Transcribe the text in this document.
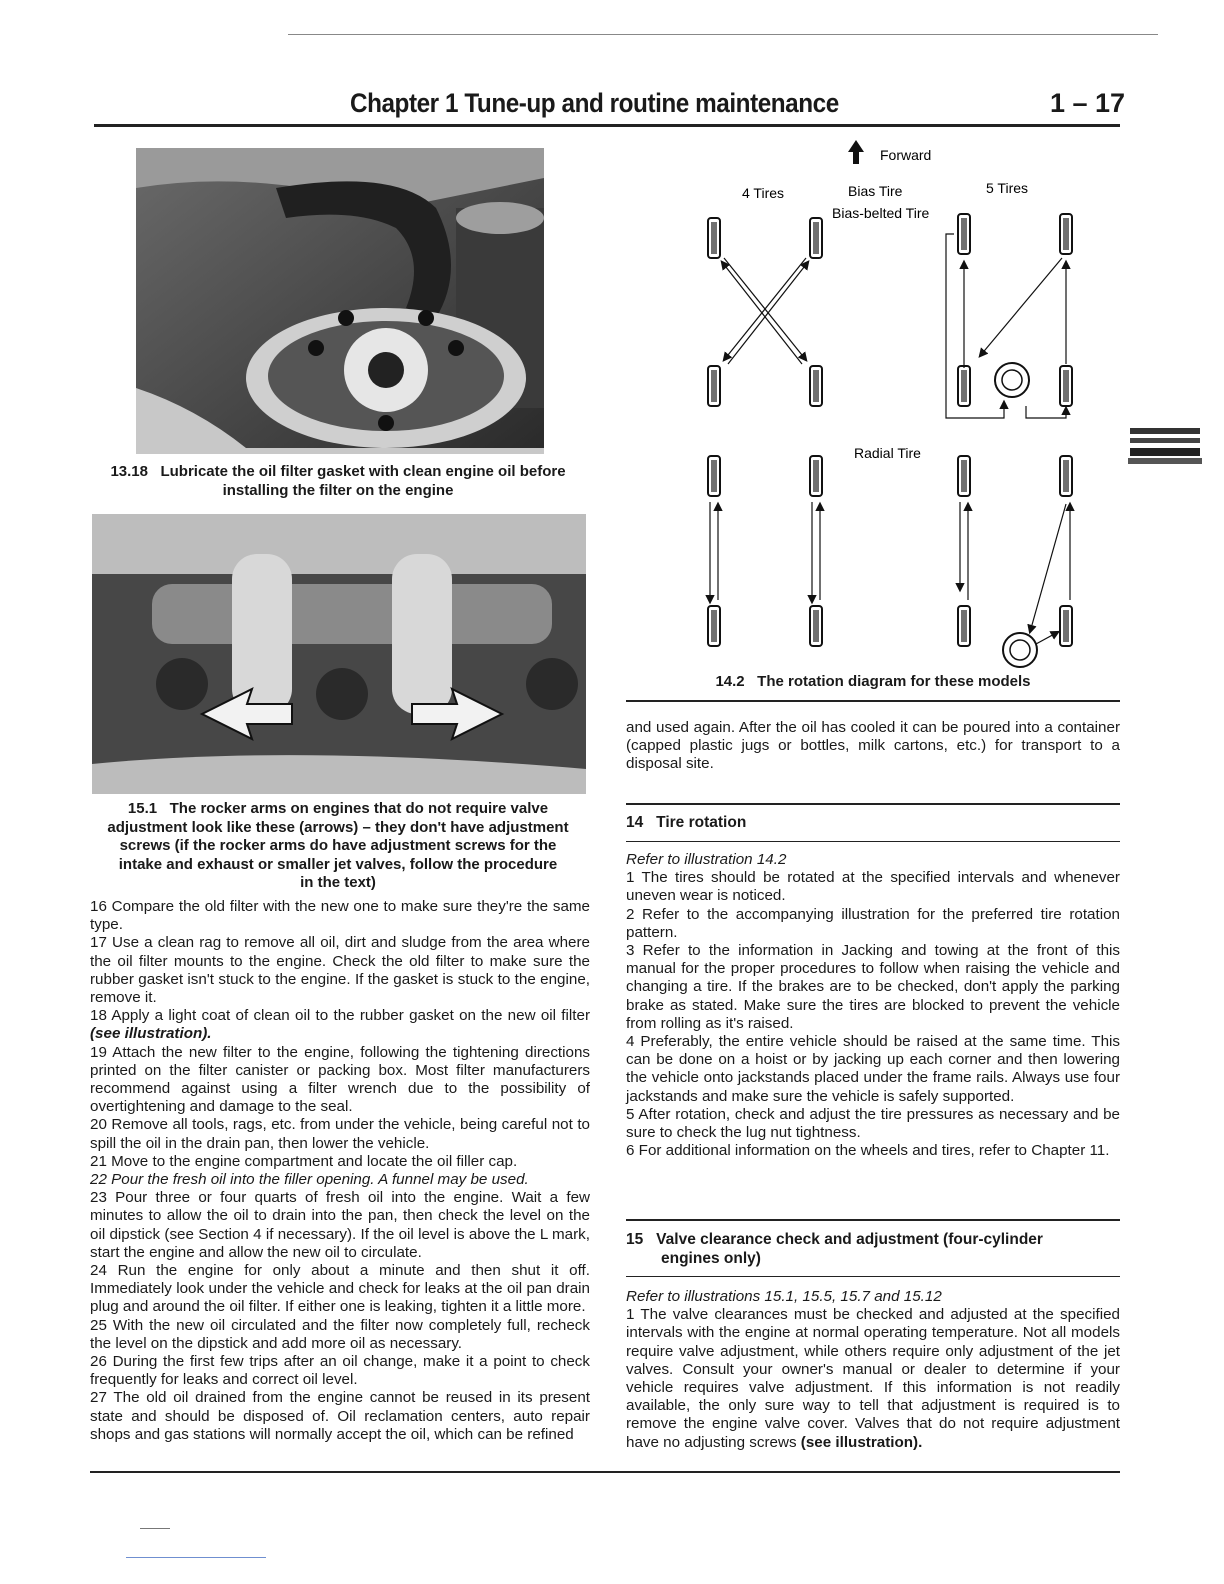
Chapter 1 Tune-up and routine maintenance	1 – 17
13.18   Lubricate the oil filter gasket with clean engine oil before
installing the filter on the engine
15.1   The rocker arms on engines that do not require valve
adjustment look like these (arrows) – they don't have adjustment
screws (if the rocker arms do have adjustment screws for the
intake and exhaust or smaller jet valves, follow the procedure
in the text)

16 Compare the old filter with the new one to make sure they're the same type.

17 Use a clean rag to remove all oil, dirt and sludge from the area where the oil filter mounts to the engine. Check the old filter to make sure the rubber gasket isn't stuck to the engine. If the gasket is stuck to the engine, remove it.

18 Apply a light coat of clean oil to the rubber gasket on the new oil filter (see illustration).

19 Attach the new filter to the engine, following the tightening directions printed on the filter canister or packing box. Most filter manufacturers recommend against using a filter wrench due to the possibility of overtightening and damage to the seal.

20 Remove all tools, rags, etc. from under the vehicle, being careful not to spill the oil in the drain pan, then lower the vehicle.

21 Move to the engine compartment and locate the oil filler cap.

22 Pour the fresh oil into the filler opening. A funnel may be used.

23 Pour three or four quarts of fresh oil into the engine. Wait a few minutes to allow the oil to drain into the pan, then check the level on the oil dipstick (see Section 4 if necessary). If the oil level is above the L mark, start the engine and allow the new oil to circulate.

24 Run the engine for only about a minute and then shut it off. Immediately look under the vehicle and check for leaks at the oil pan drain plug and around the oil filter. If either one is leaking, tighten it a little more.

25 With the new oil circulated and the filter now completely full, recheck the level on the dipstick and add more oil as necessary.

26 During the first few trips after an oil change, make it a point to check frequently for leaks and correct oil level.

27 The old oil drained from the engine cannot be reused in its present state and should be disposed of. Oil reclamation centers, auto repair shops and gas stations will normally accept the oil, which can be refined

Forward
4 Tires	Bias Tire
Bias-belted Tire
5 Tires
Radial Tire
14.2   The rotation diagram for these models

and used again. After the oil has cooled it can be poured into a container (capped plastic jugs or bottles, milk cartons, etc.) for transport to a disposal site.

14   Tire rotation

Refer to illustration 14.2

1 The tires should be rotated at the specified intervals and whenever uneven wear is noticed.

2 Refer to the accompanying illustration for the preferred tire rotation pattern.

3 Refer to the information in Jacking and towing at the front of this manual for the proper procedures to follow when raising the vehicle and changing a tire. If the brakes are to be checked, don't apply the parking brake as stated. Make sure the tires are blocked to prevent the vehicle from rolling as it's raised.

4 Preferably, the entire vehicle should be raised at the same time. This can be done on a hoist or by jacking up each corner and then lowering the vehicle onto jackstands placed under the frame rails. Always use four jackstands and make sure the vehicle is safely supported.

5 After rotation, check and adjust the tire pressures as necessary and be sure to check the lug nut tightness.

6 For additional information on the wheels and tires, refer to Chapter 11.

15   Valve clearance check and adjustment (four-cylinder
engines only)

Refer to illustrations 15.1, 15.5, 15.7 and 15.12

1 The valve clearances must be checked and adjusted at the specified intervals with the engine at normal operating temperature. Not all models require valve adjustment, while others require only adjustment of the jet valves. Consult your owner's manual or dealer to determine if your vehicle requires valve adjustment. If this information is not readily available, the only sure way to tell that adjustment is required is to remove the engine valve cover. Valves that do not require adjustment have no adjusting screws (see illustration).
